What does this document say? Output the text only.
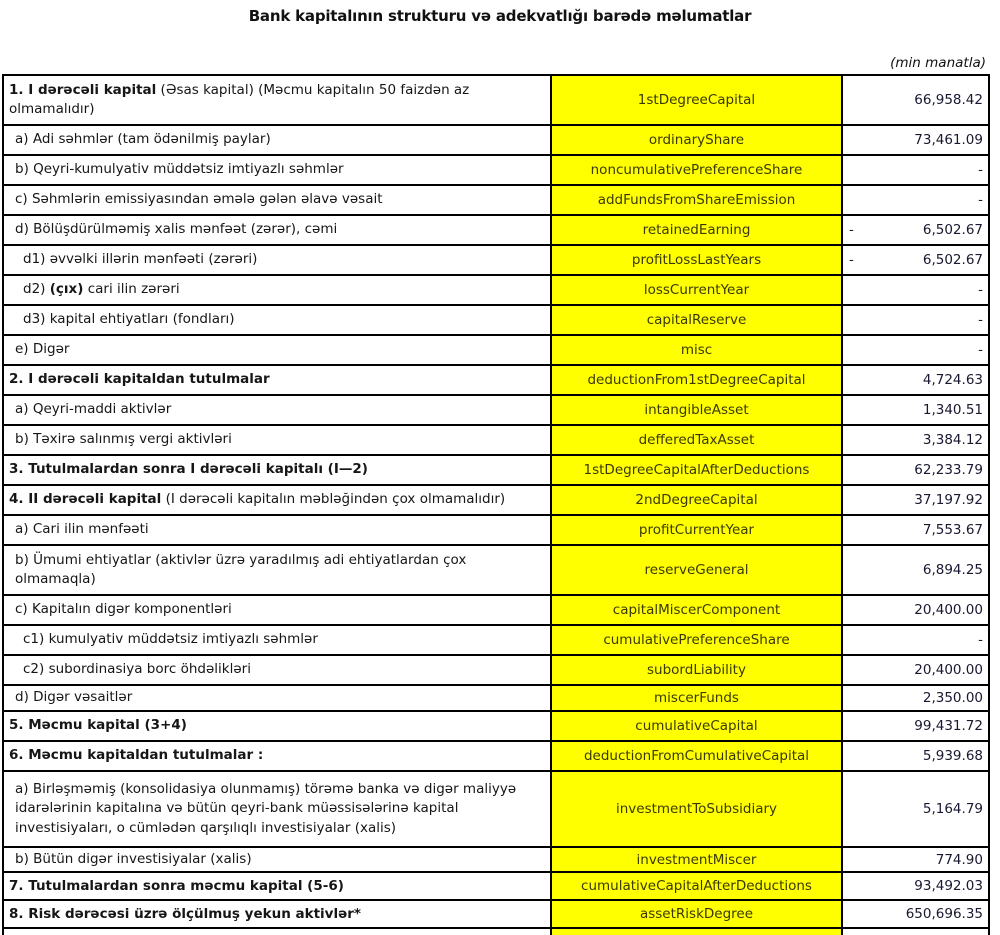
Bank kapitalının strukturu və adekvatlığı barədə məlumatlar
(min manatla)
1. I dərəcəli kapital (Əsas kapital) (Məcmu kapitalın 50 faizdən az olmamalıdır)	1stDegreeCapital	66,958.42

a) Adi səhmlər (tam ödənilmiş paylar)	ordinaryShare	73,461.09

b) Qeyri-kumulyativ müddətsiz imtiyazlı səhmlər	noncumulativePreferenceShare	-

c) Səhmlərin emissiyasından əmələ gələn əlavə vəsait	addFundsFromShareEmission	-

d) Bölüşdürülməmiş xalis mənfəət (zərər), cəmi	retainedEarning	- 6,502.67

d1) əvvəlki illərin mənfəəti (zərəri)	profitLossLastYears	- 6,502.67

d2) (çıx) cari ilin zərəri	lossCurrentYear	-

d3) kapital ehtiyatları (fondları)	capitalReserve	-

e) Digər	misc	-

2. I dərəcəli kapitaldan tutulmalar	deductionFrom1stDegreeCapital	4,724.63

a) Qeyri-maddi aktivlər	intangibleAsset	1,340.51

b) Təxirə salınmış vergi aktivləri	defferedTaxAsset	3,384.12

3. Tutulmalardan sonra I dərəcəli kapitalı (I—2)	1stDegreeCapitalAfterDeductions	62,233.79

4. II dərəcəli kapital (I dərəcəli kapitalın məbləğindən çox olmamalıdır)	2ndDegreeCapital	37,197.92

a) Cari ilin mənfəəti	profitCurrentYear	7,553.67

b) Ümumi ehtiyatlar (aktivlər üzrə yaradılmış adi ehtiyatlardan çox olmamaqla)	reserveGeneral	6,894.25

c) Kapitalın digər komponentləri	capitalMiscerComponent	20,400.00

c1) kumulyativ müddətsiz imtiyazlı səhmlər	cumulativePreferenceShare	-

c2) subordinasiya borc öhdəlikləri	subordLiability	20,400.00

d) Digər vəsaitlər	miscerFunds	2,350.00

5. Məcmu kapital (3+4)	cumulativeCapital	99,431.72

6. Məcmu kapitaldan tutulmalar :	deductionFromCumulativeCapital	5,939.68

a) Birləşməmiş (konsolidasiya olunmamış) törəmə banka və digər maliyyə idarələrinin kapitalına və bütün qeyri-bank müəssisələrinə kapital investisiyaları, o cümlədən qarşılıqlı investisiyalar (xalis)	investmentToSubsidiary	5,164.79

b) Bütün digər investisiyalar (xalis)	investmentMiscer	774.90

7. Tutulmalardan sonra məcmu kapital (5-6)	cumulativeCapitalAfterDeductions	93,492.03

8. Risk dərəcəsi üzrə ölçülmuş yekun aktivlər*	assetRiskDegree	650,696.35
